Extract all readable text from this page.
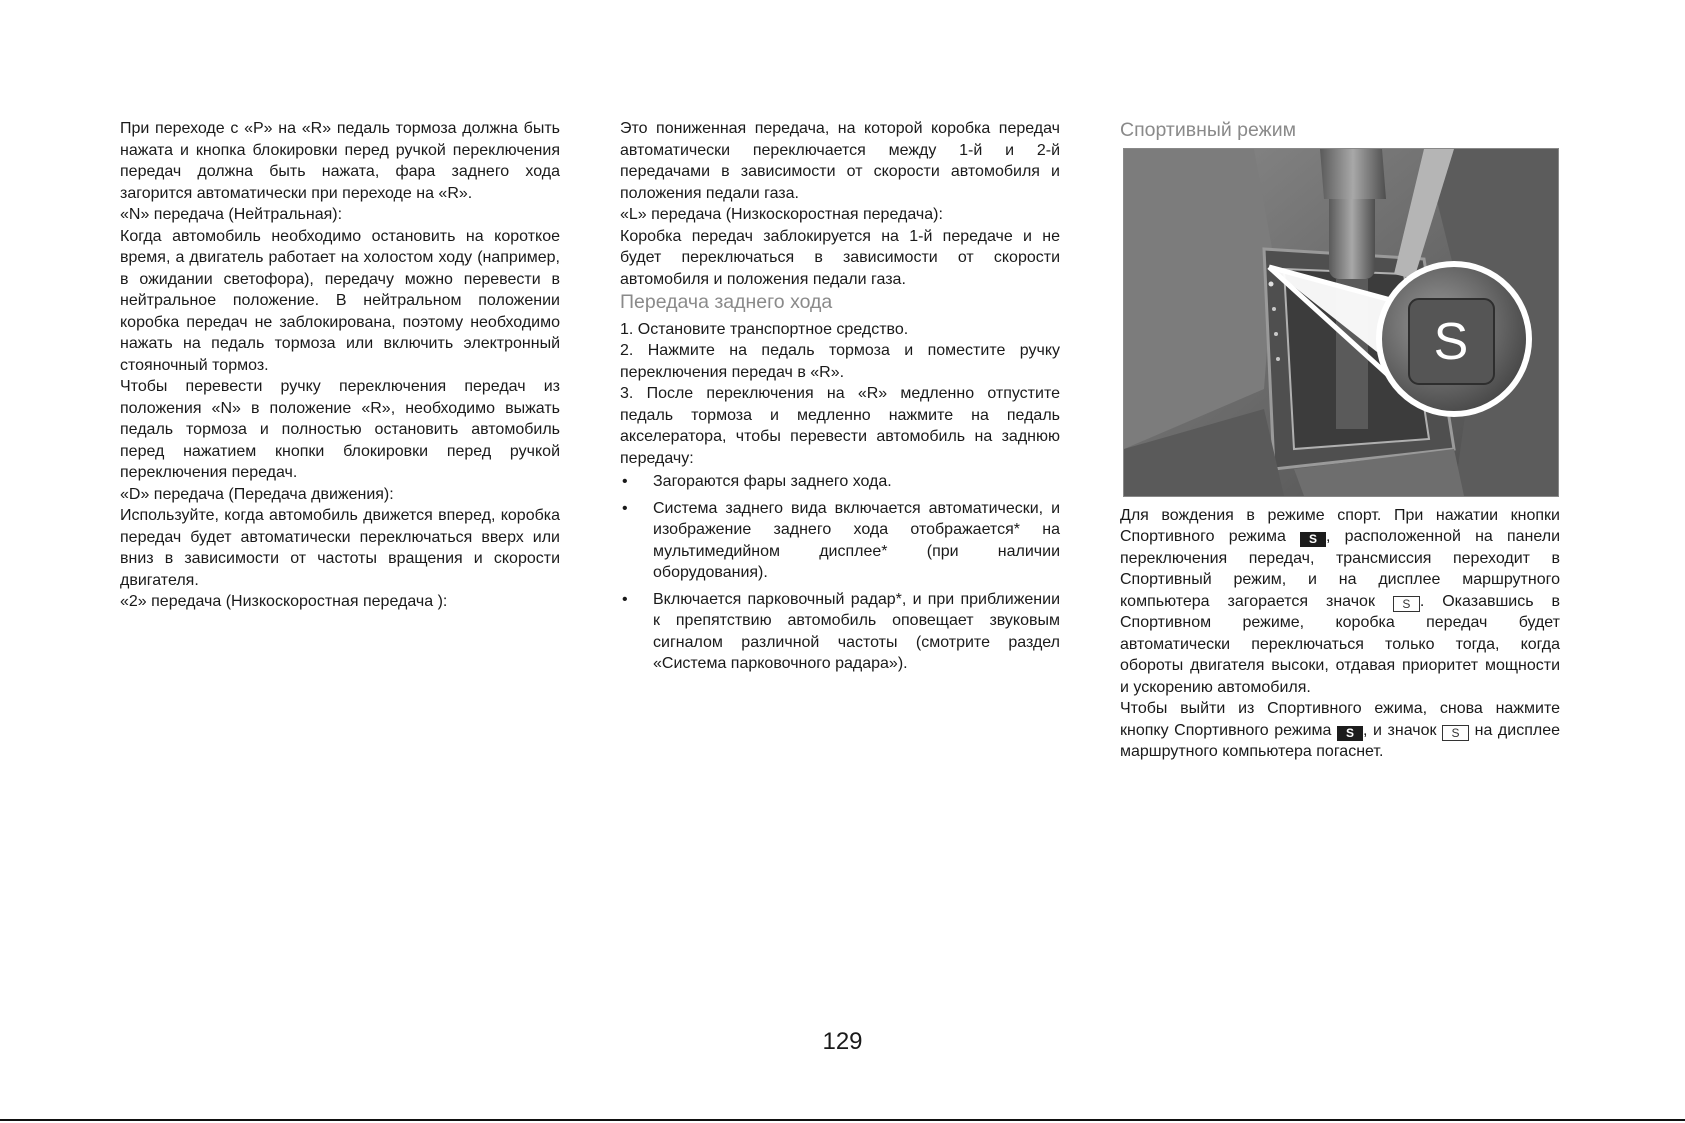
При переходе с «P» на «R» педаль тормоза должна быть нажата и кнопка блокировки перед ручкой переключения передач должна быть нажата, фара заднего хода загорится автоматически при переходе на «R».

«N» передача (Нейтральная):

Когда автомобиль необходимо остановить на короткое время, а двигатель работает на холостом ходу (например, в ожидании светофора), передачу можно перевести в нейтральное положение. В нейтральном положении коробка передач не заблокирована, поэтому необходимо нажать на педаль тормоза или включить электронный стояночный тормоз.

Чтобы перевести ручку переключения передач из положения «N» в положение «R», необходимо выжать педаль тормоза и полностью остановить автомобиль перед нажатием кнопки блокировки перед ручкой переключения передач.

«D» передача (Передача движения):

Используйте, когда автомобиль движется вперед, коробка передач будет автоматически переключаться вверх или вниз в зависимости от частоты вращения и скорости двигателя.

«2» передача (Низкоскоростная передача ):

Это пониженная передача, на которой коробка передач автоматически переключается между 1-й и 2-й передачами в зависимости от скорости автомобиля и положения педали газа.

«L» передача (Низкоскоростная передача):

Коробка передач заблокируется на 1-й передаче и не будет переключаться в зависимости от скорости автомобиля и положения педали газа.

Передача заднего хода

1. Остановите транспортное средство.

2. Нажмите на педаль тормоза и поместите ручку переключения передач в «R».

3. После переключения на «R» медленно отпустите педаль тормоза и медленно нажмите на педаль акселератора, чтобы перевести автомобиль на заднюю передачу:

• Загораются фары заднего хода.
• Система заднего вида включается автоматически, и изображение заднего хода отображается* на мультимедийном дисплее* (при наличии оборудования).
• Включается парковочный радар*, и при приближении к препятствию автомобиль оповещает звуковым сигналом различной частоты (смотрите раздел «Система парковочного радара»).
Спортивный режим
S

Для вождения в режиме спорт. При нажатии кнопки Спортивного режима S , расположенной на панели переключения передач, трансмиссия переходит в Спортивный режим, и на дисплее маршрутного компьютера загорается значок S . Оказавшись в Спортивном режиме, коробка передач будет автоматически переключаться только тогда, когда обороты двигателя высоки, отдавая приоритет мощности и ускорению автомобиля.

Чтобы выйти из Спортивного ежима, снова нажмите кнопку Спортивного режима S , и значок S на дисплее маршрутного компьютера погаснет.

129
